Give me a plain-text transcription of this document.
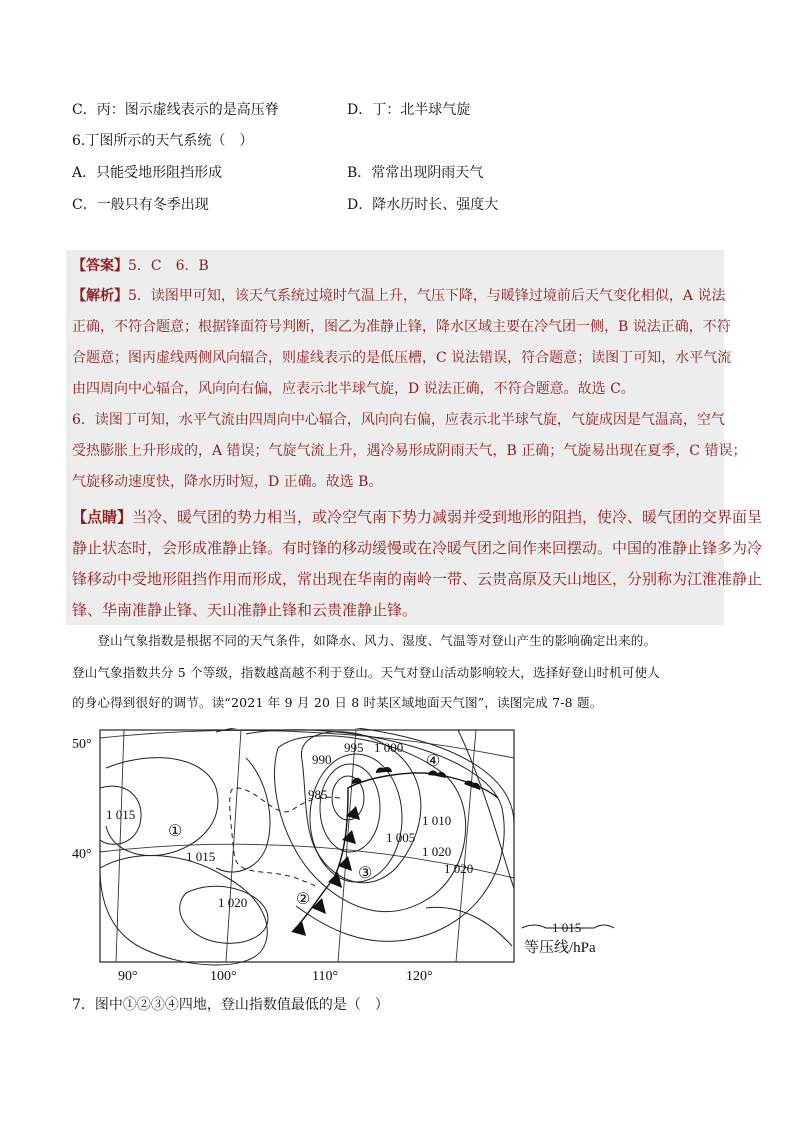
C．丙：图示虚线表示的是高压脊	D．丁：北半球气旋
6.丁图所示的天气系统（　）
A．只能受地形阻挡形成	B．常常出现阴雨天气
C．一般只有冬季出现	D．降水历时长、强度大
【答案】5．C　6．B
【解析】5．读图甲可知，该天气系统过境时气温上升，气压下降，与暖锋过境前后天气变化相似，A 说法
正确，不符合题意；根据锋面符号判断，图乙为准静止锋，降水区域主要在冷气团一侧，B 说法正确，不符
合题意；图丙虚线两侧风向辐合，则虚线表示的是低压槽，C 说法错误，符合题意；读图丁可知，水平气流
由四周向中心辐合，风向向右偏，应表示北半球气旋，D 说法正确，不符合题意。故选 C。
6．读图丁可知，水平气流由四周向中心辐合，风向向右偏，应表示北半球气旋，气旋成因是气温高，空气
受热膨胀上升形成的，A 错误；气旋气流上升，遇冷易形成阴雨天气，B 正确；气旋易出现在夏季，C 错误；
气旋移动速度快，降水历时短，D 正确。故选 B。
【点睛】当冷、暖气团的势力相当，或冷空气南下势力减弱并受到地形的阻挡，使冷、暖气团的交界面呈
静止状态时，会形成准静止锋。有时锋的移动缓慢或在冷暖气团之间作来回摆动。中国的准静止锋多为冷
锋移动中受地形阻挡作用而形成，常出现在华南的南岭一带、云贵高原及天山地区，分别称为江淮准静止
锋、华南准静止锋、天山准静止锋和云贵准静止锋。
　　登山气象指数是根据不同的天气条件，如降水、风力、湿度、气温等对登山产生的影响确定出来的。
登山气象指数共分 5 个等级，指数越高越不利于登山。天气对登山活动影响较大，选择好登山时机可使人
的身心得到很好的调节。读“2021 年 9 月 20 日 8 时某区域地面天气图”，读图完成 7-8 题。
50°
40°
90°	100°	110°	120°
990
995 1 000
985
1 005
1 010
1 015
1 015
1 020
1 020
1 020
①
②
③
④
1 015
等压线/hPa
7．图中①②③④四地，登山指数值最低的是（　）
